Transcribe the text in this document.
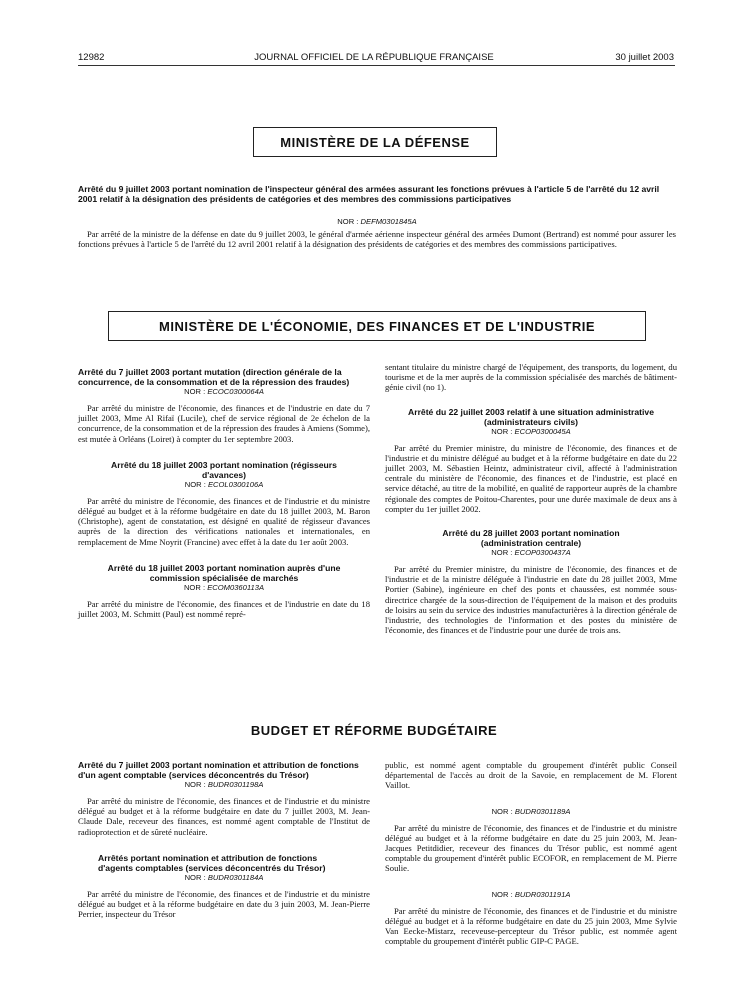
12982	JOURNAL OFFICIEL DE LA RÉPUBLIQUE FRANÇAISE	30 juillet 2003
MINISTÈRE DE LA DÉFENSE
Arrêté du 9 juillet 2003 portant nomination de l'inspecteur général des armées assurant les fonctions prévues à l'article 5 de l'arrêté du 12 avril 2001 relatif à la désignation des présidents de catégories et des membres des commissions participatives
NOR : DEFM0301845A
Par arrêté de la ministre de la défense en date du 9 juillet 2003, le général d'armée aérienne inspecteur général des armées Dumont (Bertrand) est nommé pour assurer les fonctions prévues à l'article 5 de l'arrêté du 12 avril 2001 relatif à la désignation des présidents de catégories et des membres des commissions participatives.
MINISTÈRE DE L'ÉCONOMIE, DES FINANCES ET DE L'INDUSTRIE
Arrêté du 7 juillet 2003 portant mutation (direction générale de la concurrence, de la consommation et de la répression des fraudes)
NOR : ECOC0300064A
Par arrêté du ministre de l'économie, des finances et de l'industrie en date du 7 juillet 2003, Mme Al Rifaï (Lucile), chef de service régional de 2e échelon de la concurrence, de la consommation et de la répression des fraudes à Amiens (Somme), est mutée à Orléans (Loiret) à compter du 1er septembre 2003.
Arrêté du 18 juillet 2003 portant nomination (régisseurs d'avances)
NOR : ECOL0300106A
Par arrêté du ministre de l'économie, des finances et de l'industrie et du ministre délégué au budget et à la réforme budgétaire en date du 18 juillet 2003, M. Baron (Christophe), agent de constatation, est désigné en qualité de régisseur d'avances auprès de la direction des vérifications nationales et internationales, en remplacement de Mme Noyrit (Francine) avec effet à la date du 1er août 2003.
Arrêté du 18 juillet 2003 portant nomination auprès d'une commission spécialisée de marchés
NOR : ECOM0360113A
Par arrêté du ministre de l'économie, des finances et de l'industrie en date du 18 juillet 2003, M. Schmitt (Paul) est nommé repré-
sentant titulaire du ministre chargé de l'équipement, des transports, du logement, du tourisme et de la mer auprès de la commission spécialisée des marchés de bâtiment-génie civil (no 1).
Arrêté du 22 juillet 2003 relatif à une situation administrative (administrateurs civils)
NOR : ECOP0300045A
Par arrêté du Premier ministre, du ministre de l'économie, des finances et de l'industrie et du ministre délégué au budget et à la réforme budgétaire en date du 22 juillet 2003, M. Sébastien Heintz, administrateur civil, affecté à l'administration centrale du ministère de l'économie, des finances et de l'industrie, est placé en service détaché, au titre de la mobilité, en qualité de rapporteur auprès de la chambre régionale des comptes de Poitou-Charentes, pour une durée maximale de deux ans à compter du 1er juillet 2002.
Arrêté du 28 juillet 2003 portant nomination (administration centrale)
NOR : ECOP0300437A
Par arrêté du Premier ministre, du ministre de l'économie, des finances et de l'industrie et de la ministre déléguée à l'industrie en date du 28 juillet 2003, Mme Portier (Sabine), ingénieure en chef des ponts et chaussées, est nommée sous-directrice chargée de la sous-direction de l'équipement de la maison et des produits de loisirs au sein du service des industries manufacturières à la direction générale de l'industrie, des technologies de l'information et des postes du ministère de l'économie, des finances et de l'industrie pour une durée de trois ans.
BUDGET ET RÉFORME BUDGÉTAIRE
Arrêté du 7 juillet 2003 portant nomination et attribution de fonctions d'un agent comptable (services déconcentrés du Trésor)
NOR : BUDR0301198A
Par arrêté du ministre de l'économie, des finances et de l'industrie et du ministre délégué au budget et à la réforme budgétaire en date du 7 juillet 2003, M. Jean-Claude Dale, receveur des finances, est nommé agent comptable de l'Institut de radioprotection et de sûreté nucléaire.
Arrêtés portant nomination et attribution de fonctions d'agents comptables (services déconcentrés du Trésor)
NOR : BUDR0301184A
Par arrêté du ministre de l'économie, des finances et de l'industrie et du ministre délégué au budget et à la réforme budgétaire en date du 3 juin 2003, M. Jean-Pierre Perrier, inspecteur du Trésor
public, est nommé agent comptable du groupement d'intérêt public Conseil départemental de l'accès au droit de la Savoie, en remplacement de M. Florent Vaillot.
NOR : BUDR0301189A
Par arrêté du ministre de l'économie, des finances et de l'industrie et du ministre délégué au budget et à la réforme budgétaire en date du 25 juin 2003, M. Jean-Jacques Petitdidier, receveur des finances du Trésor public, est nommé agent comptable du groupement d'intérêt public ECOFOR, en remplacement de M. Pierre Soulie.
NOR : BUDR0301191A
Par arrêté du ministre de l'économie, des finances et de l'industrie et du ministre délégué au budget et à la réforme budgétaire en date du 25 juin 2003, Mme Sylvie Van Eecke-Mistarz, receveuse-percepteur du Trésor public, est nommée agent comptable du groupement d'intérêt public GIP-C PAGE.
